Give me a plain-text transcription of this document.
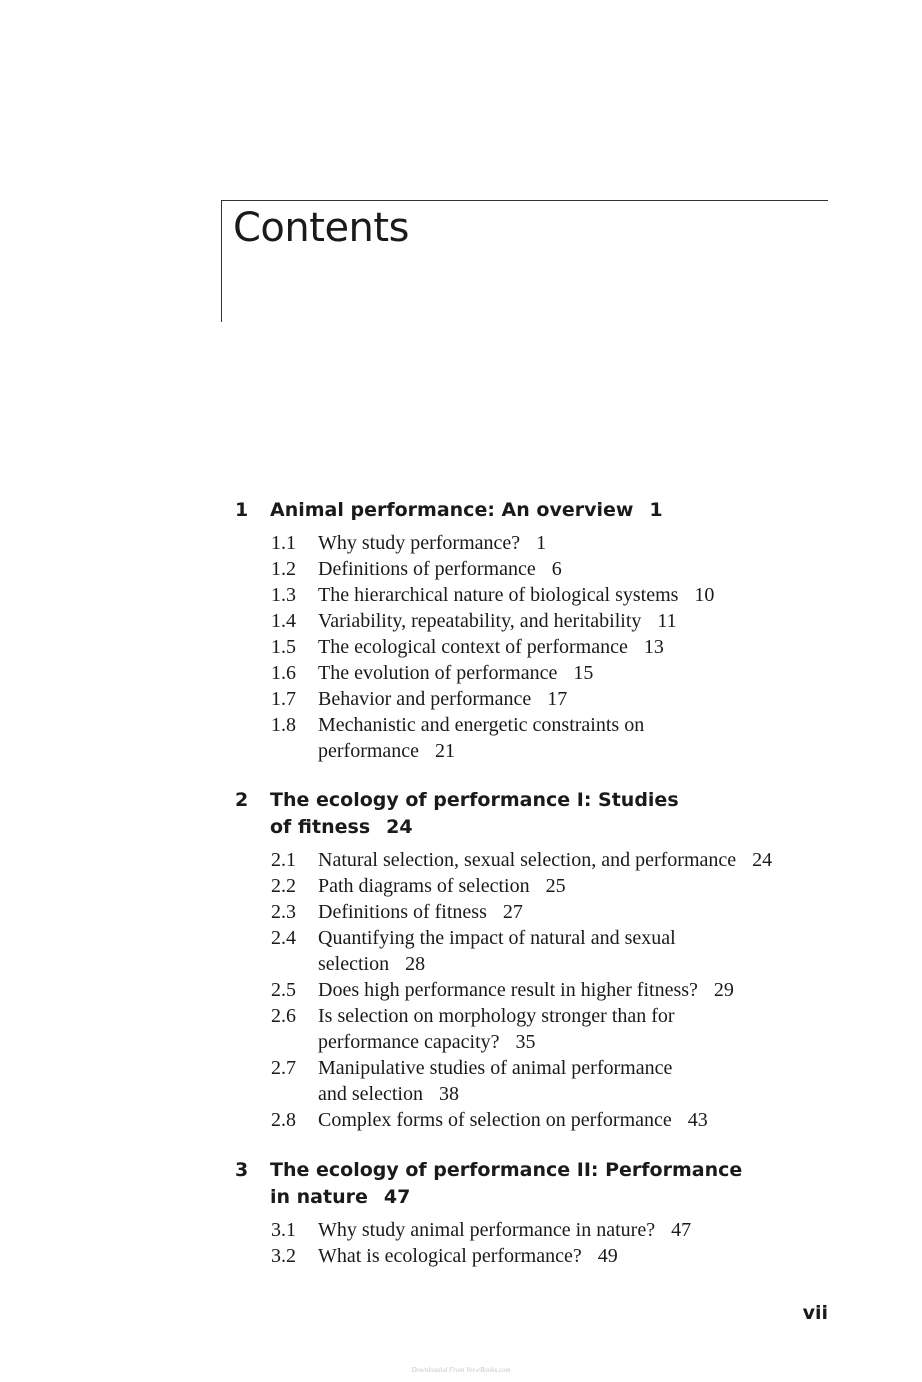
Contents
1	Animal performance: An overview 1
1.1	Why study performance? 1
1.2	Definitions of performance 6
1.3	The hierarchical nature of biological systems 10
1.4	Variability, repeatability, and heritability 11
1.5	The ecological context of performance 13
1.6	The evolution of performance 15
1.7	Behavior and performance 17
1.8	Mechanistic and energetic constraints on
performance 21
2	The ecology of performance I: Studies
of fitness 24
2.1	Natural selection, sexual selection, and performance 24
2.2	Path diagrams of selection 25
2.3	Definitions of fitness 27
2.4	Quantifying the impact of natural and sexual
selection 28
2.5	Does high performance result in higher fitness? 29
2.6	Is selection on morphology stronger than for
performance capacity? 35
2.7	Manipulative studies of animal performance
and selection 38
2.8	Complex forms of selection on performance 43
3	The ecology of performance II: Performance
in nature 47
3.1	Why study animal performance in nature? 47
3.2	What is ecological performance? 49
vii
Downloaded From Vet-eBooks.com
